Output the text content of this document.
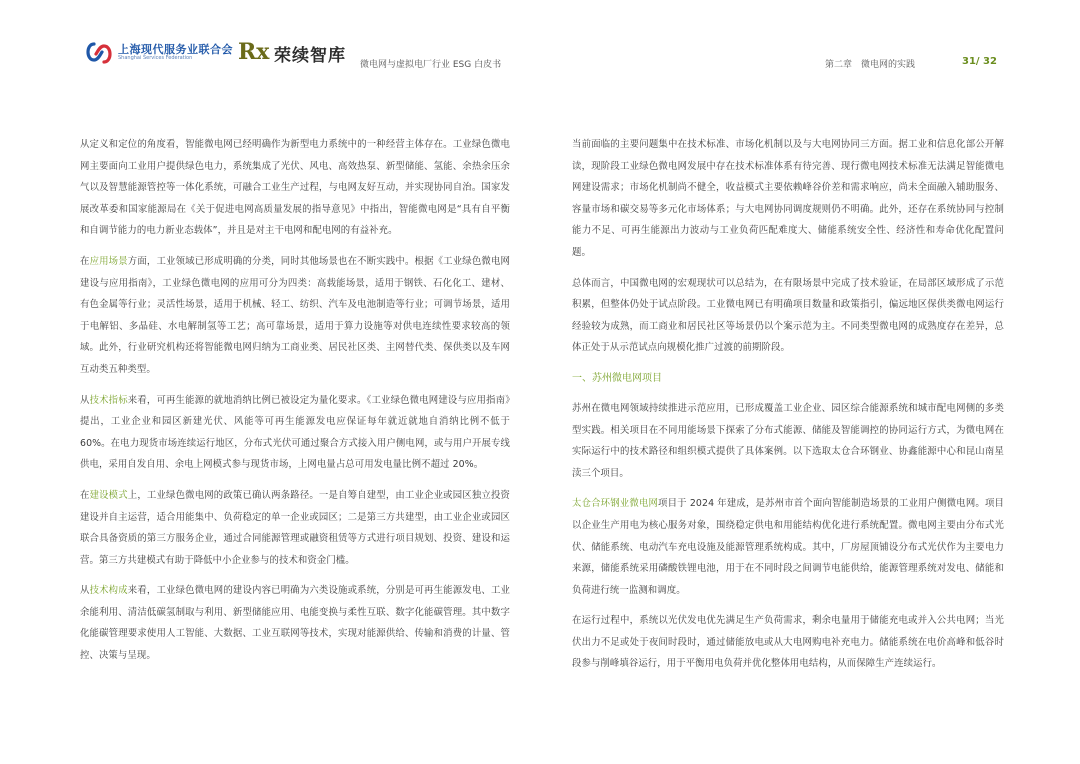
上海现代服务业联合会
Shanghai Services Federation Rx 荣续智库 微电网与虚拟电厂行业 ESG 白皮书	第二章　微电网的实践	31/ 32

从定义和定位的角度看，智能微电网已经明确作为新型电力系统中的一种经营主体存在。工业绿色微电网主要面向工业用户提供绿色电力，系统集成了光伏、风电、高效热泵、新型储能、氢能、余热余压余气以及智慧能源管控等一体化系统，可融合工业生产过程，与电网友好互动，并实现协同自治。国家发展改革委和国家能源局在《关于促进电网高质量发展的指导意见》中指出，智能微电网是“具有自平衡和自调节能力的电力新业态载体”，并且是对主干电网和配电网的有益补充。

在应用场景方面，工业领域已形成明确的分类，同时其他场景也在不断实践中。根据《工业绿色微电网建设与应用指南》，工业绿色微电网的应用可分为四类：高载能场景，适用于钢铁、石化化工、建材、有色金属等行业；灵活性场景，适用于机械、轻工、纺织、汽车及电池制造等行业；可调节场景，适用于电解铝、多晶硅、水电解制氢等工艺；高可靠场景，适用于算力设施等对供电连续性要求较高的领域。此外，行业研究机构还将智能微电网归纳为工商业类、居民社区类、主网替代类、保供类以及车网互动类五种类型。

从技术指标来看，可再生能源的就地消纳比例已被设定为量化要求。《工业绿色微电网建设与应用指南》提出，工业企业和园区新建光伏、风能等可再生能源发电应保证每年就近就地自消纳比例不低于 60%。在电力现货市场连续运行地区，分布式光伏可通过聚合方式接入用户侧电网，或与用户开展专线供电，采用自发自用、余电上网模式参与现货市场，上网电量占总可用发电量比例不超过 20%。

在建设模式上，工业绿色微电网的政策已确认两条路径。一是自筹自建型，由工业企业或园区独立投资建设并自主运营，适合用能集中、负荷稳定的单一企业或园区；二是第三方共建型，由工业企业或园区联合具备资质的第三方服务企业，通过合同能源管理或融资租赁等方式进行项目规划、投资、建设和运营。第三方共建模式有助于降低中小企业参与的技术和资金门槛。

从技术构成来看，工业绿色微电网的建设内容已明确为六类设施或系统，分别是可再生能源发电、工业余能利用、清洁低碳氢制取与利用、新型储能应用、电能变换与柔性互联、数字化能碳管理。其中数字化能碳管理要求使用人工智能、大数据、工业互联网等技术，实现对能源供给、传输和消费的计量、管控、决策与呈现。

当前面临的主要问题集中在技术标准、市场化机制以及与大电网协同三方面。据工业和信息化部公开解读，现阶段工业绿色微电网发展中存在技术标准体系有待完善、现行微电网技术标准无法满足智能微电网建设需求；市场化机制尚不健全，收益模式主要依赖峰谷价差和需求响应，尚未全面融入辅助服务、容量市场和碳交易等多元化市场体系；与大电网协同调度规则仍不明确。此外，还存在系统协同与控制能力不足、可再生能源出力波动与工业负荷匹配难度大、储能系统安全性、经济性和寿命优化配置问题。

总体而言，中国微电网的宏观现状可以总结为，在有限场景中完成了技术验证，在局部区域形成了示范积累，但整体仍处于试点阶段。工业微电网已有明确项目数量和政策指引，偏远地区保供类微电网运行经验较为成熟，而工商业和居民社区等场景仍以个案示范为主。不同类型微电网的成熟度存在差异，总体正处于从示范试点向规模化推广过渡的前期阶段。

一、苏州微电网项目

苏州在微电网领域持续推进示范应用，已形成覆盖工业企业、园区综合能源系统和城市配电网侧的多类型实践。相关项目在不同用能场景下探索了分布式能源、储能及智能调控的协同运行方式，为微电网在实际运行中的技术路径和组织模式提供了具体案例。以下选取太仓合环钢业、协鑫能源中心和昆山南星渎三个项目。

太仓合环钢业微电网项目于 2024 年建成，是苏州市首个面向智能制造场景的工业用户侧微电网。项目以企业生产用电为核心服务对象，围绕稳定供电和用能结构优化进行系统配置。微电网主要由分布式光伏、储能系统、电动汽车充电设施及能源管理系统构成。其中，厂房屋顶铺设分布式光伏作为主要电力来源，储能系统采用磷酸铁锂电池，用于在不同时段之间调节电能供给，能源管理系统对发电、储能和负荷进行统一监测和调度。

在运行过程中，系统以光伏发电优先满足生产负荷需求，剩余电量用于储能充电或并入公共电网；当光伏出力不足或处于夜间时段时，通过储能放电或从大电网购电补充电力。储能系统在电价高峰和低谷时段参与削峰填谷运行，用于平衡用电负荷并优化整体用电结构，从而保障生产连续运行。
